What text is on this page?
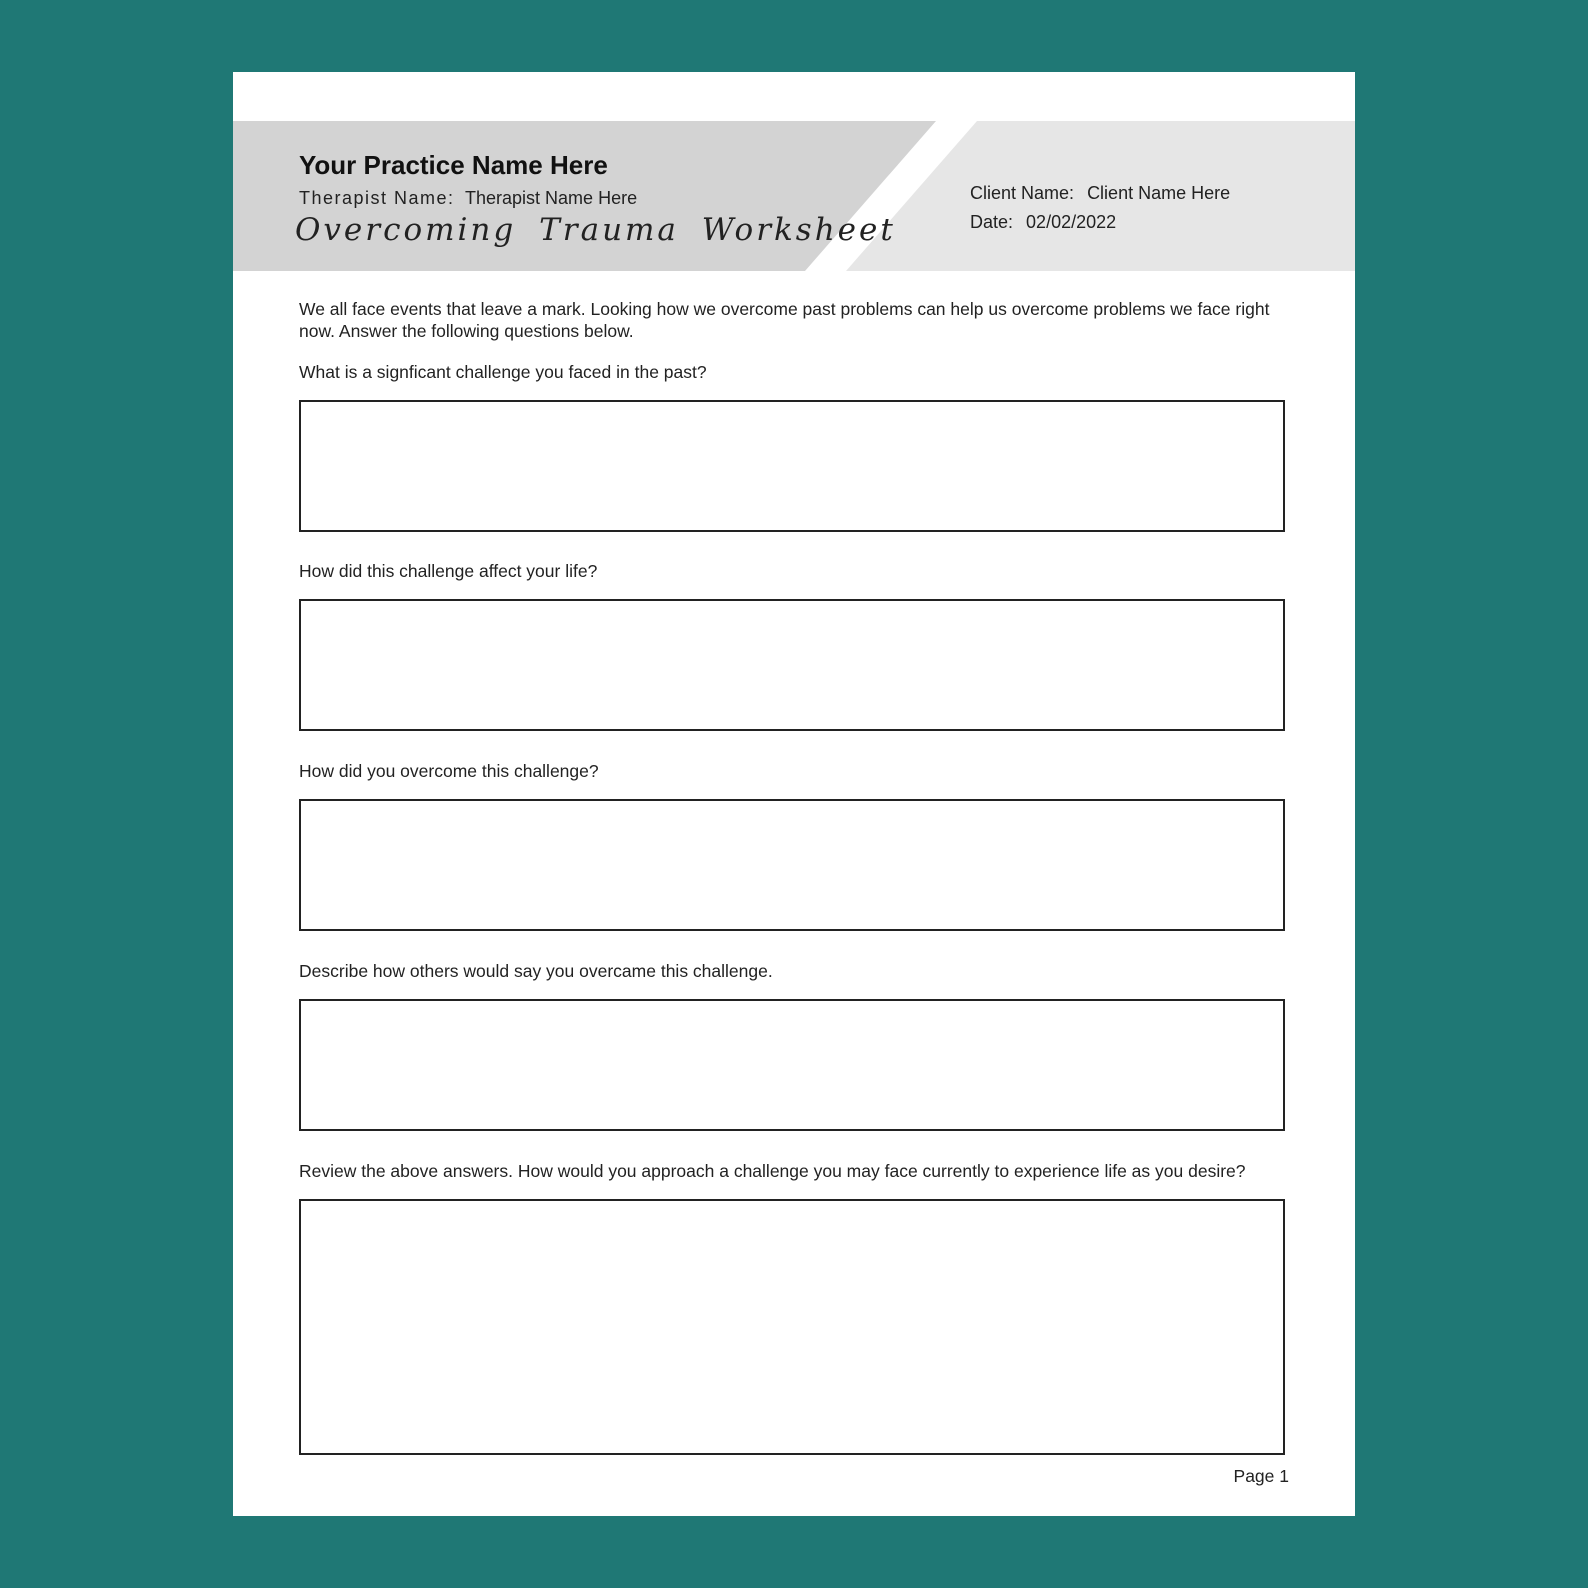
Your Practice Name Here
Therapist Name: Therapist Name Here
Overcoming Trauma Worksheet
Client Name: Client Name Here
Date: 02/02/2022
We all face events that leave a mark. Looking how we overcome past problems can help us overcome problems we face right now. Answer the following questions below.
What is a signficant challenge you faced in the past?
How did this challenge affect your life?
How did you overcome this challenge?
Describe how others would say you overcame this challenge.
Review the above answers. How would you approach a challenge you may face currently to experience life as you desire?
Page 1
